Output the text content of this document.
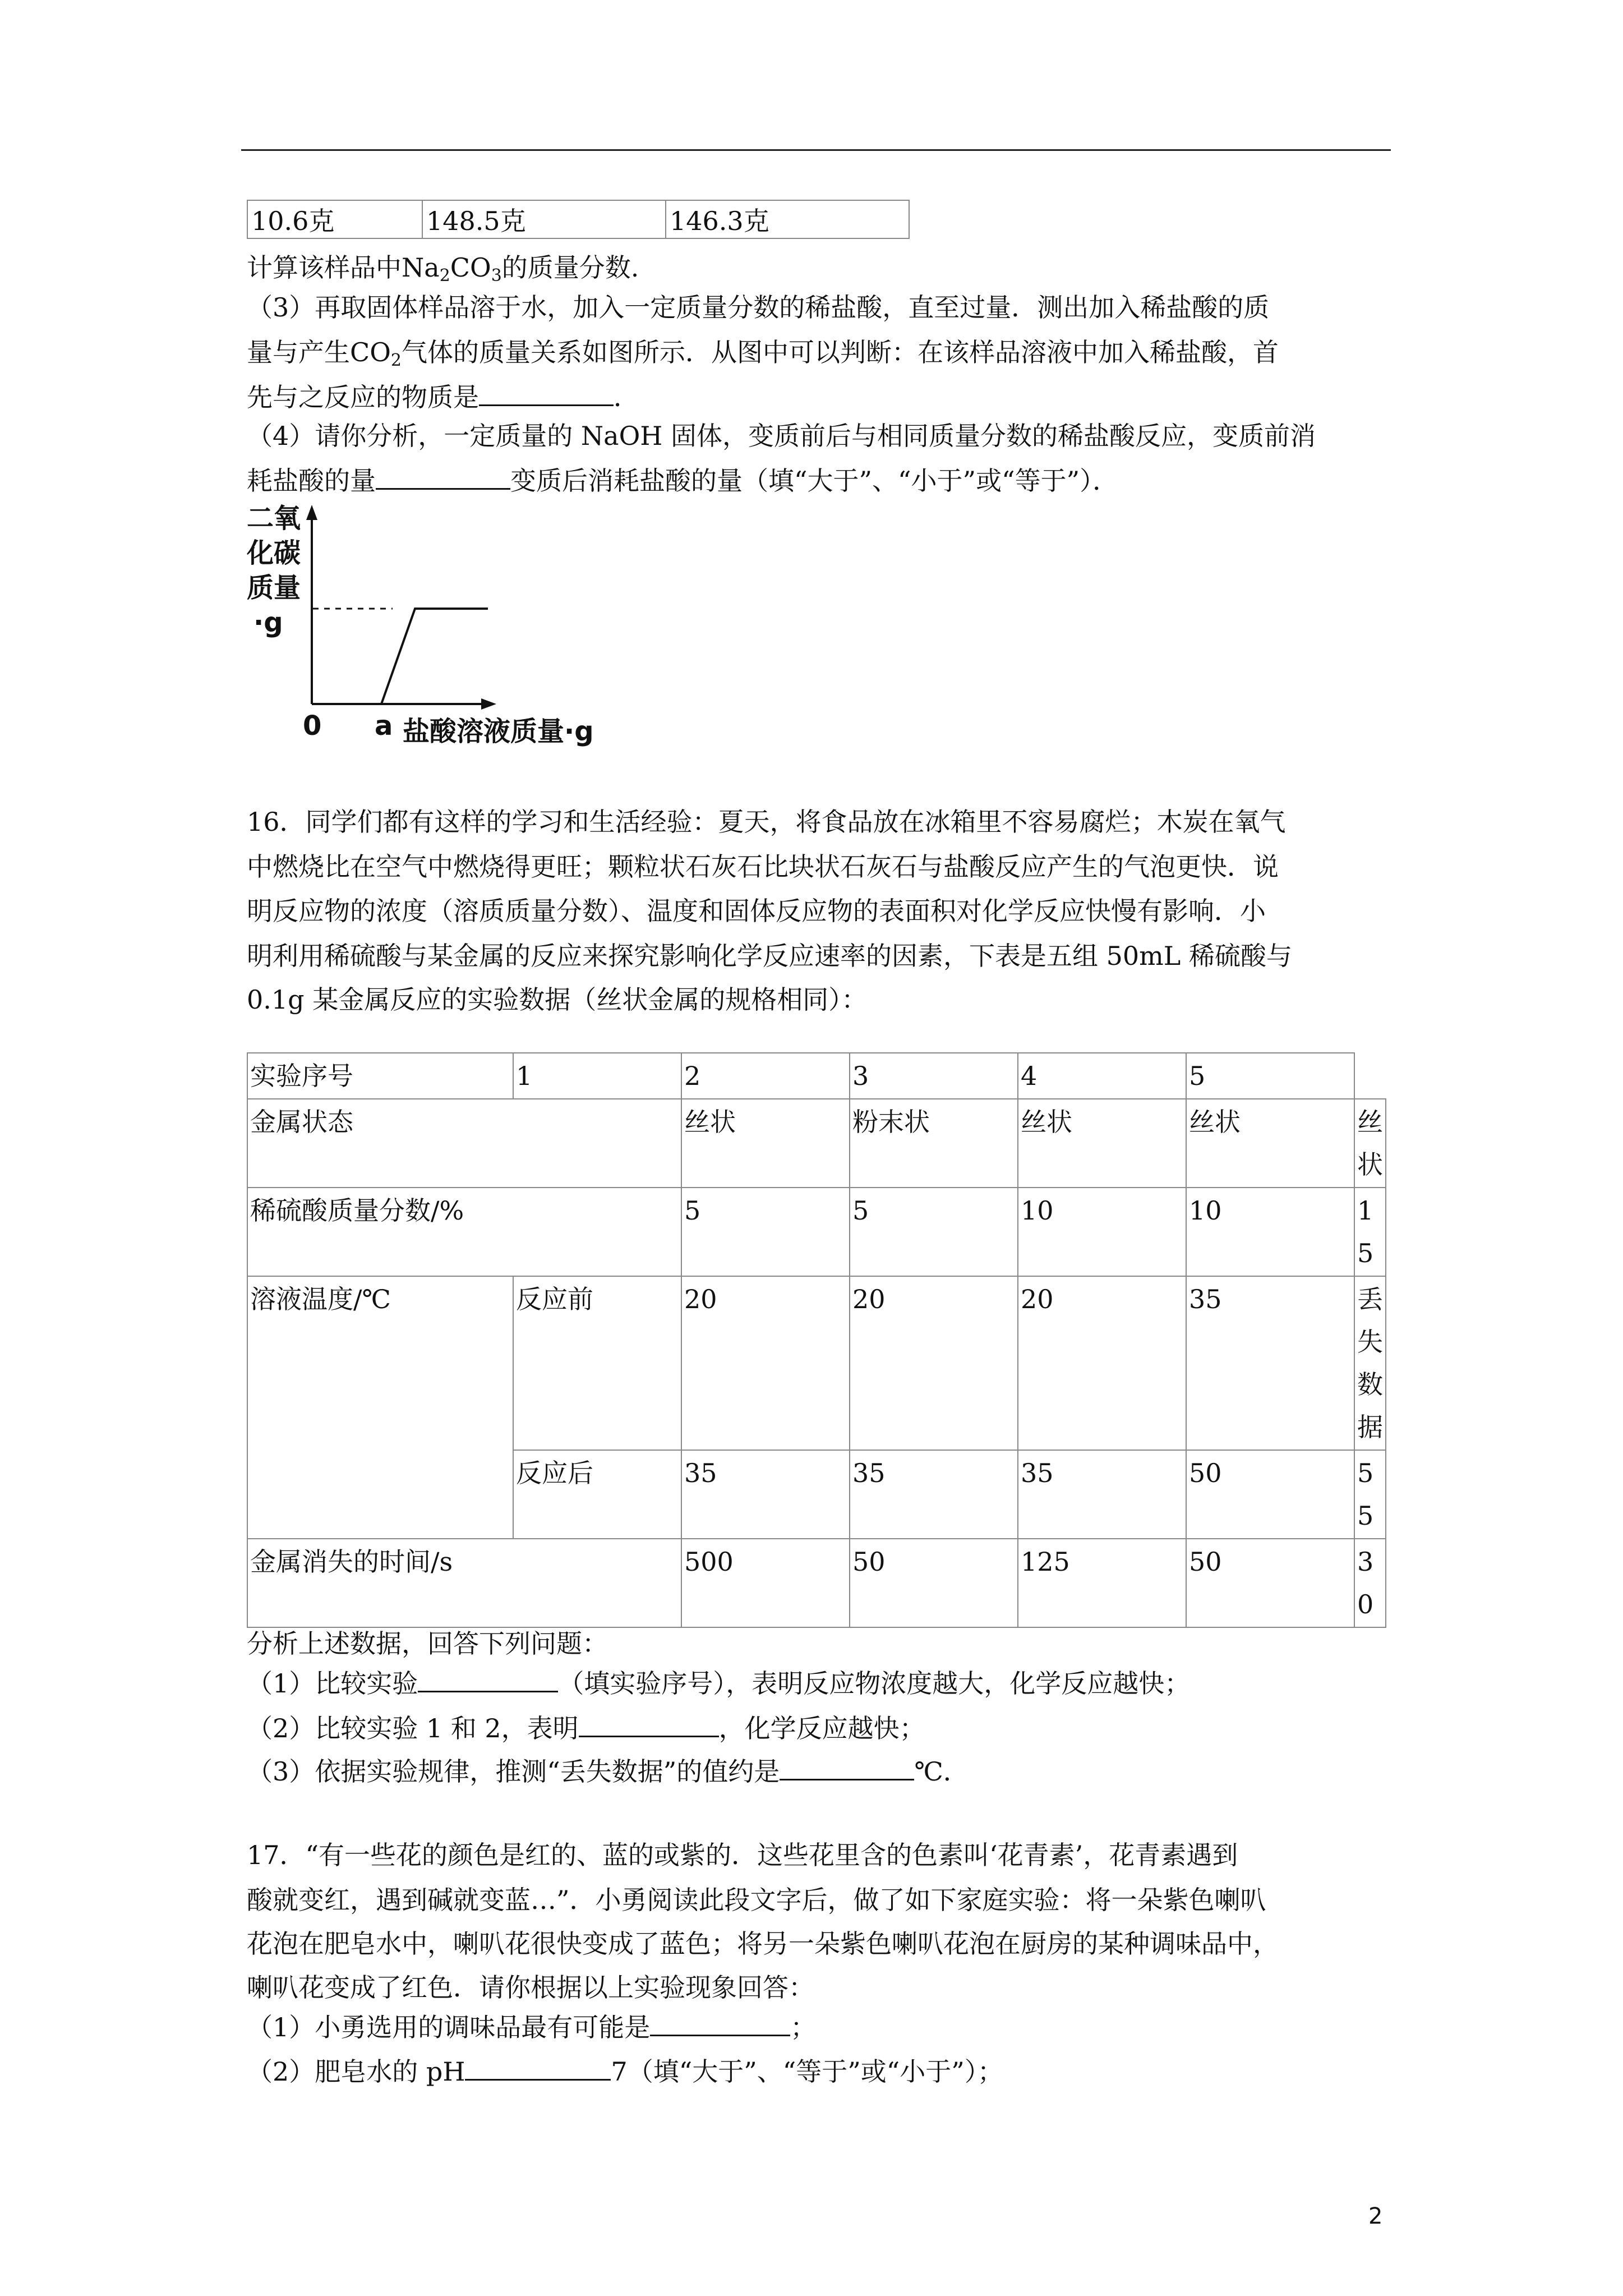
10.6克	148.5克	146.3克
计算该样品中$Na_2CO_3$的质量分数.
（3）再取固体样品溶于水，加入一定质量分数的稀盐酸，直至过量．测出加入稀盐酸的质
量与产生$CO_2$气体的质量关系如图所示．从图中可以判断：在该样品溶液中加入稀盐酸，首
先与之反应的物质是	．
（4）请你分析，一定质量的 NaOH 固体，变质前后与相同质量分数的稀盐酸反应，变质前消
耗盐酸的量	变质后消耗盐酸的量（填“大于”、“小于”或“等于”）．
二氧
化碳
质量
·g
0 a 盐酸溶液质量·g
16．同学们都有这样的学习和生活经验：夏天，将食品放在冰箱里不容易腐烂；木炭在氧气
中燃烧比在空气中燃烧得更旺；颗粒状石灰石比块状石灰石与盐酸反应产生的气泡更快．说
明反应物的浓度（溶质质量分数）、温度和固体反应物的表面积对化学反应快慢有影响．小
明利用稀硫酸与某金属的反应来探究影响化学反应速率的因素，下表是五组 50mL 稀硫酸与
0.1g 某金属反应的实验数据（丝状金属的规格相同）：
实验序号	1	2	3	4	5	
金属状态		丝状	粉末状	丝状	丝状	丝状
稀硫酸质量分数/%		5	5	10	10	15
溶液温度/℃	反应前	20	20	20	35	丢失数据
	反应后	35	35	35	50	55
金属消失的时间/s		500	50	125	50	30
分析上述数据，回答下列问题：
（1）比较实验	（填实验序号），表明反应物浓度越大，化学反应越快；
（2）比较实验 1 和 2，表明	，化学反应越快；
（3）依据实验规律，推测“丢失数据”的值约是	℃．
17．“有一些花的颜色是红的、蓝的或紫的．这些花里含的色素叫‘花青素’，花青素遇到
酸就变红，遇到碱就变蓝…”．小勇阅读此段文字后，做了如下家庭实验：将一朵紫色喇叭
花泡在肥皂水中，喇叭花很快变成了蓝色；将另一朵紫色喇叭花泡在厨房的某种调味品中，
喇叭花变成了红色．请你根据以上实验现象回答：
（1）小勇选用的调味品最有可能是	；
（2）肥皂水的 pH	7（填“大于”、“等于”或“小于”）；
2
